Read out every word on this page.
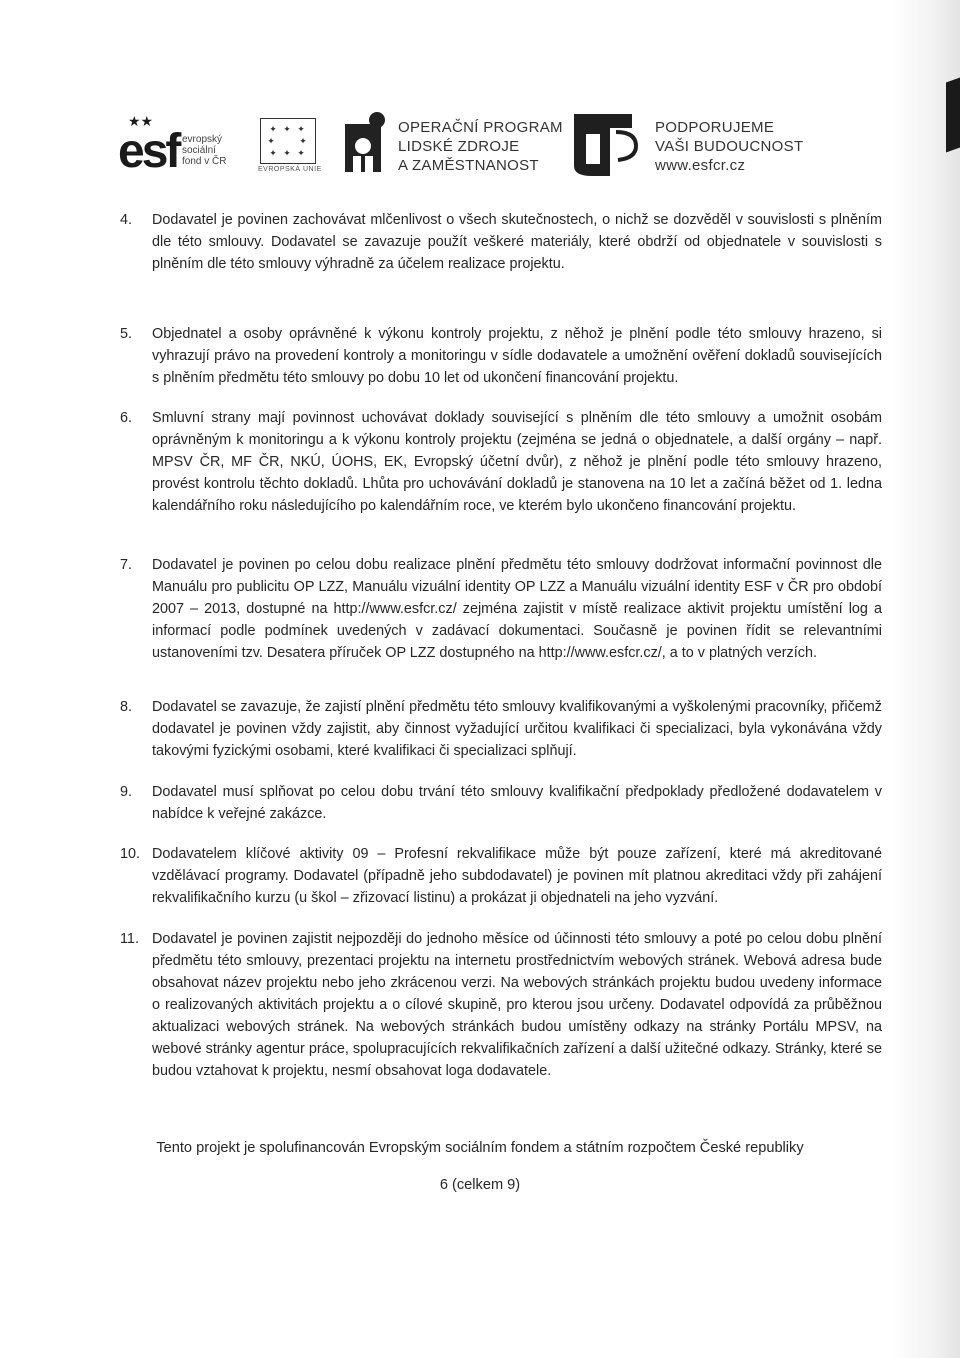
★★
esf evropský
sociální
fond v ČR
✦ ✦ ✦
✦     ✦
✦ ✦ ✦
EVROPSKÁ UNIE
OPERAČNÍ PROGRAM
LIDSKÉ ZDROJE
A ZAMĚSTNANOST
PODPORUJEME
VAŠI BUDOUCNOST
www.esfcr.cz
4.	Dodavatel je povinen zachovávat mlčenlivost o všech skutečnostech, o nichž se dozvěděl v souvislosti s plněním dle této smlouvy. Dodavatel se zavazuje použít veškeré materiály, které obdrží od objednatele v souvislosti s plněním dle této smlouvy výhradně za účelem realizace projektu.
5.	Objednatel a osoby oprávněné k výkonu kontroly projektu, z něhož je plnění podle této smlouvy hrazeno, si vyhrazují právo na provedení kontroly a monitoringu v sídle dodavatele a umožnění ověření dokladů souvisejících s plněním předmětu této smlouvy po dobu 10 let od ukončení financování projektu.
6.	Smluvní strany mají povinnost uchovávat doklady související s plněním dle této smlouvy a umožnit osobám oprávněným k monitoringu a k výkonu kontroly projektu (zejména se jedná o objednatele, a další orgány – např. MPSV ČR, MF ČR, NKÚ, ÚOHS, EK, Evropský účetní dvůr), z něhož je plnění podle této smlouvy hrazeno, provést kontrolu těchto dokladů. Lhůta pro uchovávání dokladů je stanovena na 10 let a začíná běžet od 1. ledna kalendářního roku následujícího po kalendářním roce, ve kterém bylo ukončeno financování projektu.
7.	Dodavatel je povinen po celou dobu realizace plnění předmětu této smlouvy dodržovat informační povinnost dle Manuálu pro publicitu OP LZZ, Manuálu vizuální identity OP LZZ a Manuálu vizuální identity ESF v ČR pro období 2007 – 2013, dostupné na http://www.esfcr.cz/ zejména zajistit v místě realizace aktivit projektu umístění log a informací podle podmínek uvedených v zadávací dokumentaci. Současně je povinen řídit se relevantními ustanoveními tzv. Desatera příruček OP LZZ dostupného na http://www.esfcr.cz/, a to v platných verzích.
8.	Dodavatel se zavazuje, že zajistí plnění předmětu této smlouvy kvalifikovanými a vyškolenými pracovníky, přičemž dodavatel je povinen vždy zajistit, aby činnost vyžadující určitou kvalifikaci či specializaci, byla vykonávána vždy takovými fyzickými osobami, které kvalifikaci či specializaci splňují.
9.	Dodavatel musí splňovat po celou dobu trvání této smlouvy kvalifikační předpoklady předložené dodavatelem v nabídce k veřejné zakázce.
10. Dodavatelem klíčové aktivity 09 – Profesní rekvalifikace může být pouze zařízení, které má akreditované vzdělávací programy. Dodavatel (případně jeho subdodavatel) je povinen mít platnou akreditaci vždy při zahájení rekvalifikačního kurzu (u škol – zřizovací listinu) a prokázat ji objednateli na jeho vyzvání.
11. Dodavatel je povinen zajistit nejpozději do jednoho měsíce od účinnosti této smlouvy a poté po celou dobu plnění předmětu této smlouvy, prezentaci projektu na internetu prostřednictvím webových stránek. Webová adresa bude obsahovat název projektu nebo jeho zkrácenou verzi. Na webových stránkách projektu budou uvedeny informace o realizovaných aktivitách projektu a o cílové skupině, pro kterou jsou určeny. Dodavatel odpovídá za průběžnou aktualizaci webových stránek. Na webových stránkách budou umístěny odkazy na stránky Portálu MPSV, na webové stránky agentur práce, spolupracujících rekvalifikačních zařízení a další užitečné odkazy. Stránky, které se budou vztahovat k projektu, nesmí obsahovat loga dodavatele.
Tento projekt je spolufinancován Evropským sociálním fondem a státním rozpočtem České republiky
6 (celkem 9)
